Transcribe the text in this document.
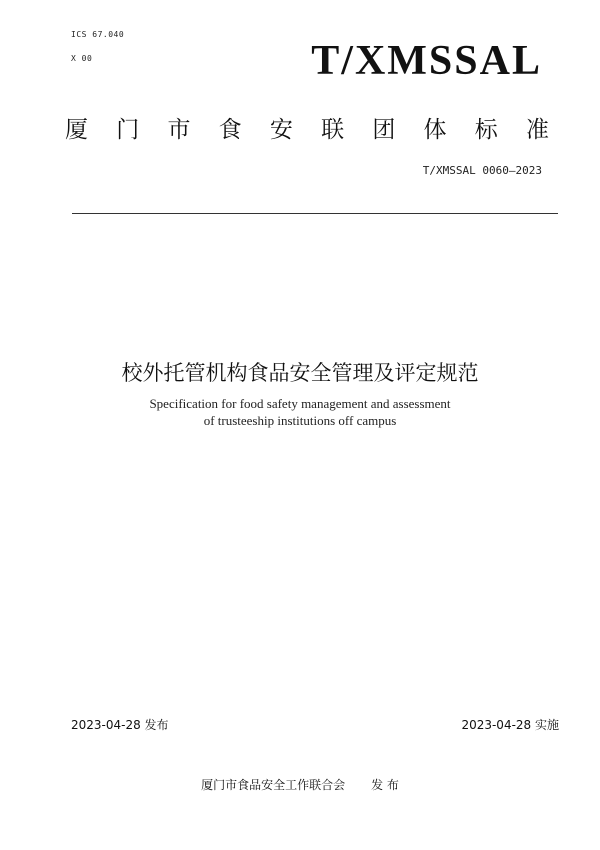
ICS 67.040
X 00	T/XMSSAL
厦 门 市 食 安 联 团 体 标 准
T/XMSSAL 0060—2023
校外托管机构食品安全管理及评定规范
Specification for food safety management and assessment
of trusteeship institutions off campus
2023-04-28 发布	2023-04-28 实施
厦门市食品安全工作联合会 发 布
